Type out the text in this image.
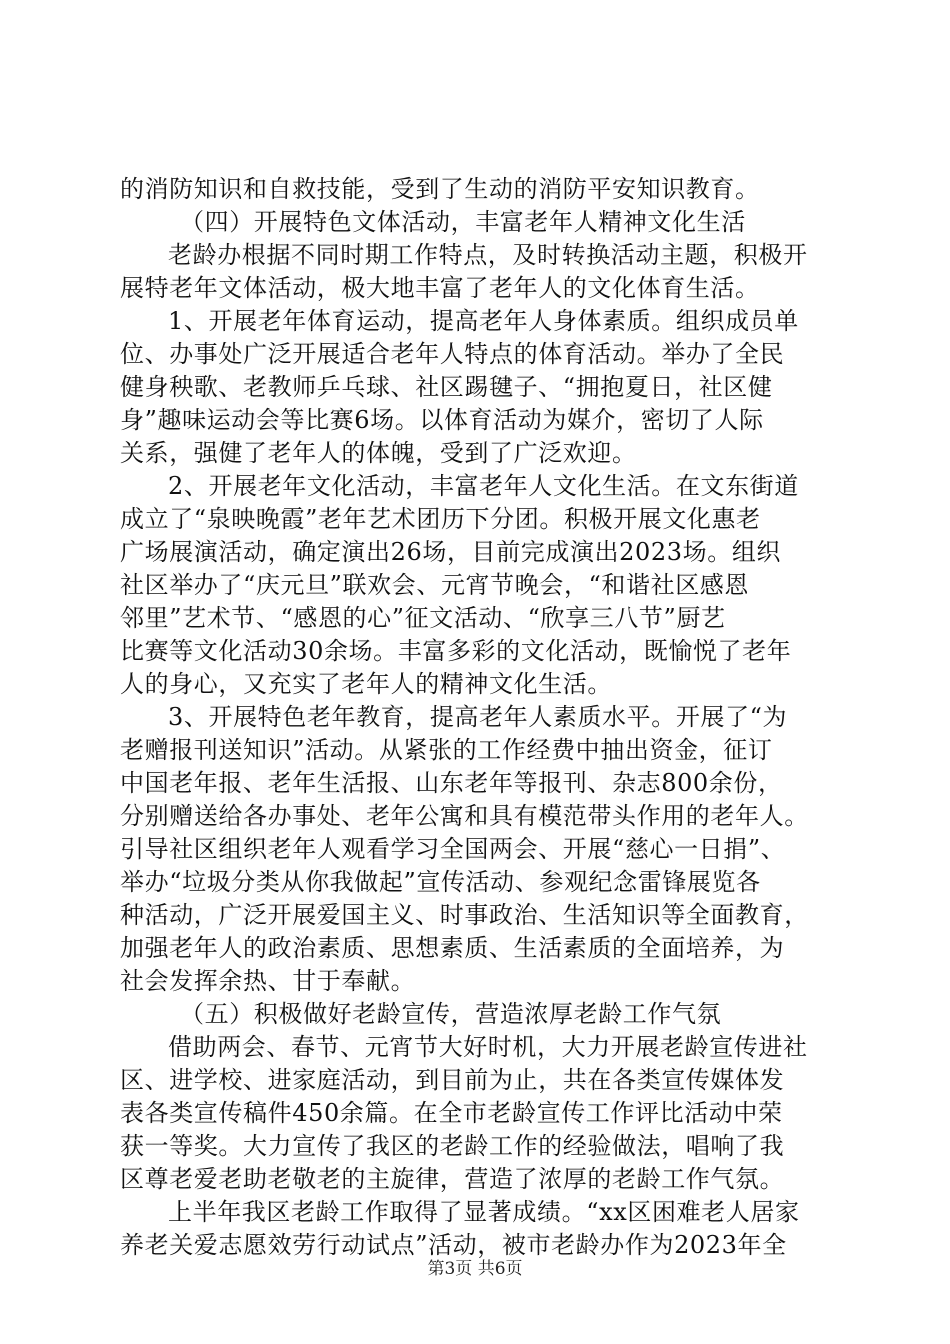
的消防知识和自救技能，受到了生动的消防平安知识教育。
（四）开展特色文体活动，丰富老年人精神文化生活
老龄办根据不同时期工作特点，及时转换活动主题，积极开
展特老年文体活动，极大地丰富了老年人的文化体育生活。
1、开展老年体育运动，提高老年人身体素质。组织成员单
位、办事处广泛开展适合老年人特点的体育活动。举办了全民
健身秧歌、老教师乒乓球、社区踢毽子、“拥抱夏日，社区健
身”趣味运动会等比赛6场。以体育活动为媒介，密切了人际
关系，强健了老年人的体魄，受到了广泛欢迎。
2、开展老年文化活动，丰富老年人文化生活。在文东街道
成立了“泉映晚霞”老年艺术团历下分团。积极开展文化惠老
广场展演活动，确定演出26场，目前完成演出2023场。组织
社区举办了“庆元旦”联欢会、元宵节晚会，“和谐社区感恩
邻里”艺术节、“感恩的心”征文活动、“欣享三八节”厨艺
比赛等文化活动30余场。丰富多彩的文化活动，既愉悦了老年
人的身心，又充实了老年人的精神文化生活。
3、开展特色老年教育，提高老年人素质水平。开展了“为
老赠报刊送知识”活动。从紧张的工作经费中抽出资金，征订
中国老年报、老年生活报、山东老年等报刊、杂志800余份，
分别赠送给各办事处、老年公寓和具有模范带头作用的老年人。
引导社区组织老年人观看学习全国两会、开展“慈心一日捐”、
举办“垃圾分类从你我做起”宣传活动、参观纪念雷锋展览各
种活动，广泛开展爱国主义、时事政治、生活知识等全面教育，
加强老年人的政治素质、思想素质、生活素质的全面培养，为
社会发挥余热、甘于奉献。
（五）积极做好老龄宣传，营造浓厚老龄工作气氛
借助两会、春节、元宵节大好时机，大力开展老龄宣传进社
区、进学校、进家庭活动，到目前为止，共在各类宣传媒体发
表各类宣传稿件450余篇。在全市老龄宣传工作评比活动中荣
获一等奖。大力宣传了我区的老龄工作的经验做法，唱响了我
区尊老爱老助老敬老的主旋律，营造了浓厚的老龄工作气氛。
上半年我区老龄工作取得了显著成绩。“xx区困难老人居家
养老关爱志愿效劳行动试点”活动，被市老龄办作为2023年全
第3页 共6页
